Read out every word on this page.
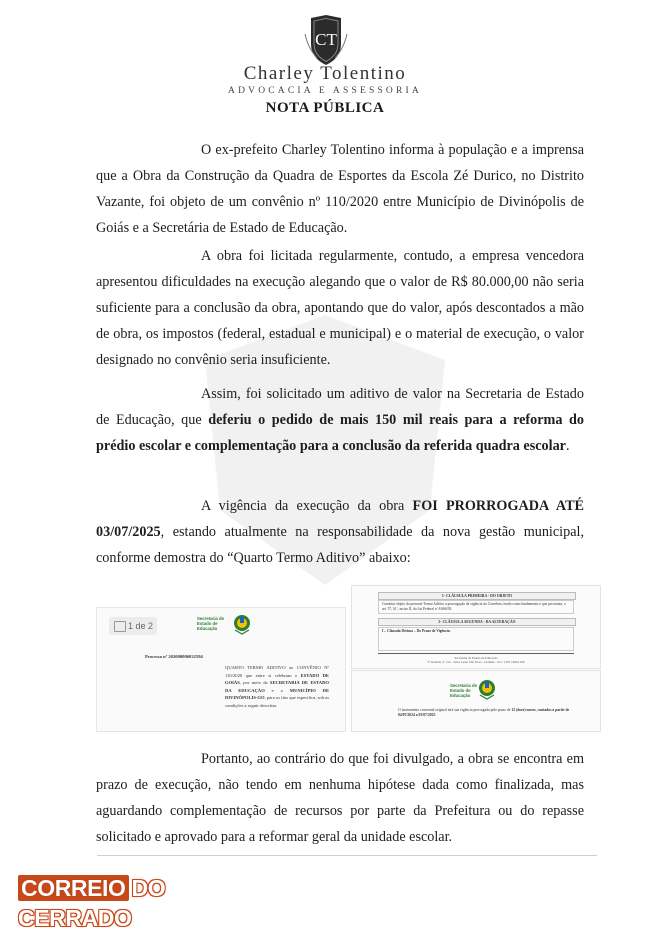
CT
Charley Tolentino
ADVOCACIA E ASSESSORIA
NOTA PÚBLICA

O ex-prefeito Charley Tolentino informa à população e a imprensa que a Obra da Construção da Quadra de Esportes da Escola Zé Durico, no Distrito Vazante, foi objeto de um convênio nº 110/2020 entre Município de Divinópolis de Goiás e a Secretária de Estado de Educação.

A obra foi licitada regularmente, contudo, a empresa vencedora apresentou dificuldades na execução alegando que o valor de R$ 80.000,00 não seria suficiente para a conclusão da obra, apontando que do valor, após descontados a mão de obra, os impostos (federal, estadual e municipal) e o material de execução, o valor designado no convênio seria insuficiente.

Assim, foi solicitado um aditivo de valor na Secretaria de Estado de Educação, que deferiu o pedido de mais 150 mil reais para a reforma do prédio escolar e complementação para a conclusão da referida quadra escolar.

A vigência da execução da obra FOI PRORROGADA ATÉ 03/07/2025, estando atualmente na responsabilidade da nova gestão municipal, conforme demostra do “Quarto Termo Aditivo” abaixo:

1 de 2
Secretaria de Estado de Educação
Processo nº 202000006032594
QUARTO TERMO ADITIVO ao CONVÊNIO Nº 110/2020 que entre si celebram o ESTADO DE GOIÁS, por meio da SECRETARIA DE ESTADO DA EDUCAÇÃO e o MUNICÍPIO DE DIVINÓPOLIS-GO, para os fins que especifica, sob as condições a seguir descritas:
1- CLÁUSULA PRIMEIRA - DO OBJETO
Constitui objeto do presente Termo Aditivo a prorrogação da vigência do Convênio, tendo como fundamento o que preconiza, o art. 57, §1º, inciso II, da Lei Federal nº 8.666/93.
2- CLÁUSULA SEGUNDA - DA ALTERAÇÃO
I – Cláusula Décima – Do Prazo de Vigência:
Secretaria de Estado da Educação
5ª Avenida, nº 212 - Setor Leste Vila Nova - Goiânia - GO - CEP 74643-030
Secretaria de Estado de Educação
O instrumento convenial original terá sua vigência prorrogada pelo prazo de 12 (doze) meses, contados a partir de 04/07/2024 a 03/07/2025.

Portanto, ao contrário do que foi divulgado, a obra se encontra em prazo de execução, não tendo em nenhuma hipótese dada como finalizada, mas aguardando complementação de recursos por parte da Prefeitura ou do repasse solicitado e aprovado para a reformar geral da unidade escolar.

CORREIO DO CERRADO
